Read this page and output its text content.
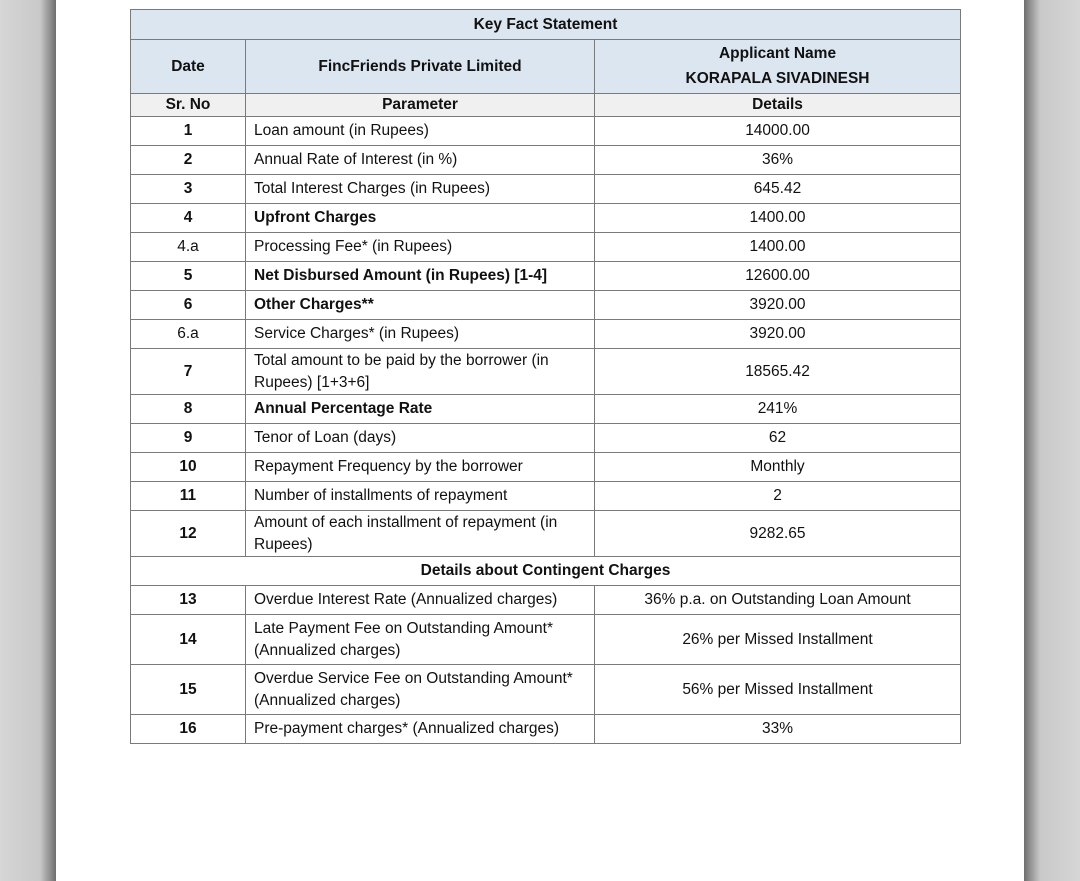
Key Fact Statement		
Date	FincFriends Private Limited	Applicant Name
KORAPALA SIVADINESH

Sr. No	Parameter	Details
1	Loan amount (in Rupees)	14000.00
2	Annual Rate of Interest (in %)	36%
3	Total Interest Charges (in Rupees)	645.42
4	Upfront Charges	1400.00
4.a	Processing Fee* (in Rupees)	1400.00
5	Net Disbursed Amount (in Rupees) [1-4]	12600.00
6	Other Charges**	3920.00
6.a	Service Charges* (in Rupees)	3920.00
7	Total amount to be paid by the borrower (in Rupees) [1+3+6]	18565.42
8	Annual Percentage Rate	241%
9	Tenor of Loan (days)	62
10	Repayment Frequency by the borrower	Monthly
11	Number of installments of repayment	2
12	Amount of each installment of repayment (in Rupees)	9282.65
Details about Contingent Charges		
13	Overdue Interest Rate (Annualized charges)	36% p.a. on Outstanding Loan Amount
14	Late Payment Fee on Outstanding Amount* (Annualized charges)	26% per Missed Installment
15	Overdue Service Fee on Outstanding Amount* (Annualized charges)	56% per Missed Installment
16	Pre-payment charges* (Annualized charges)	33%
